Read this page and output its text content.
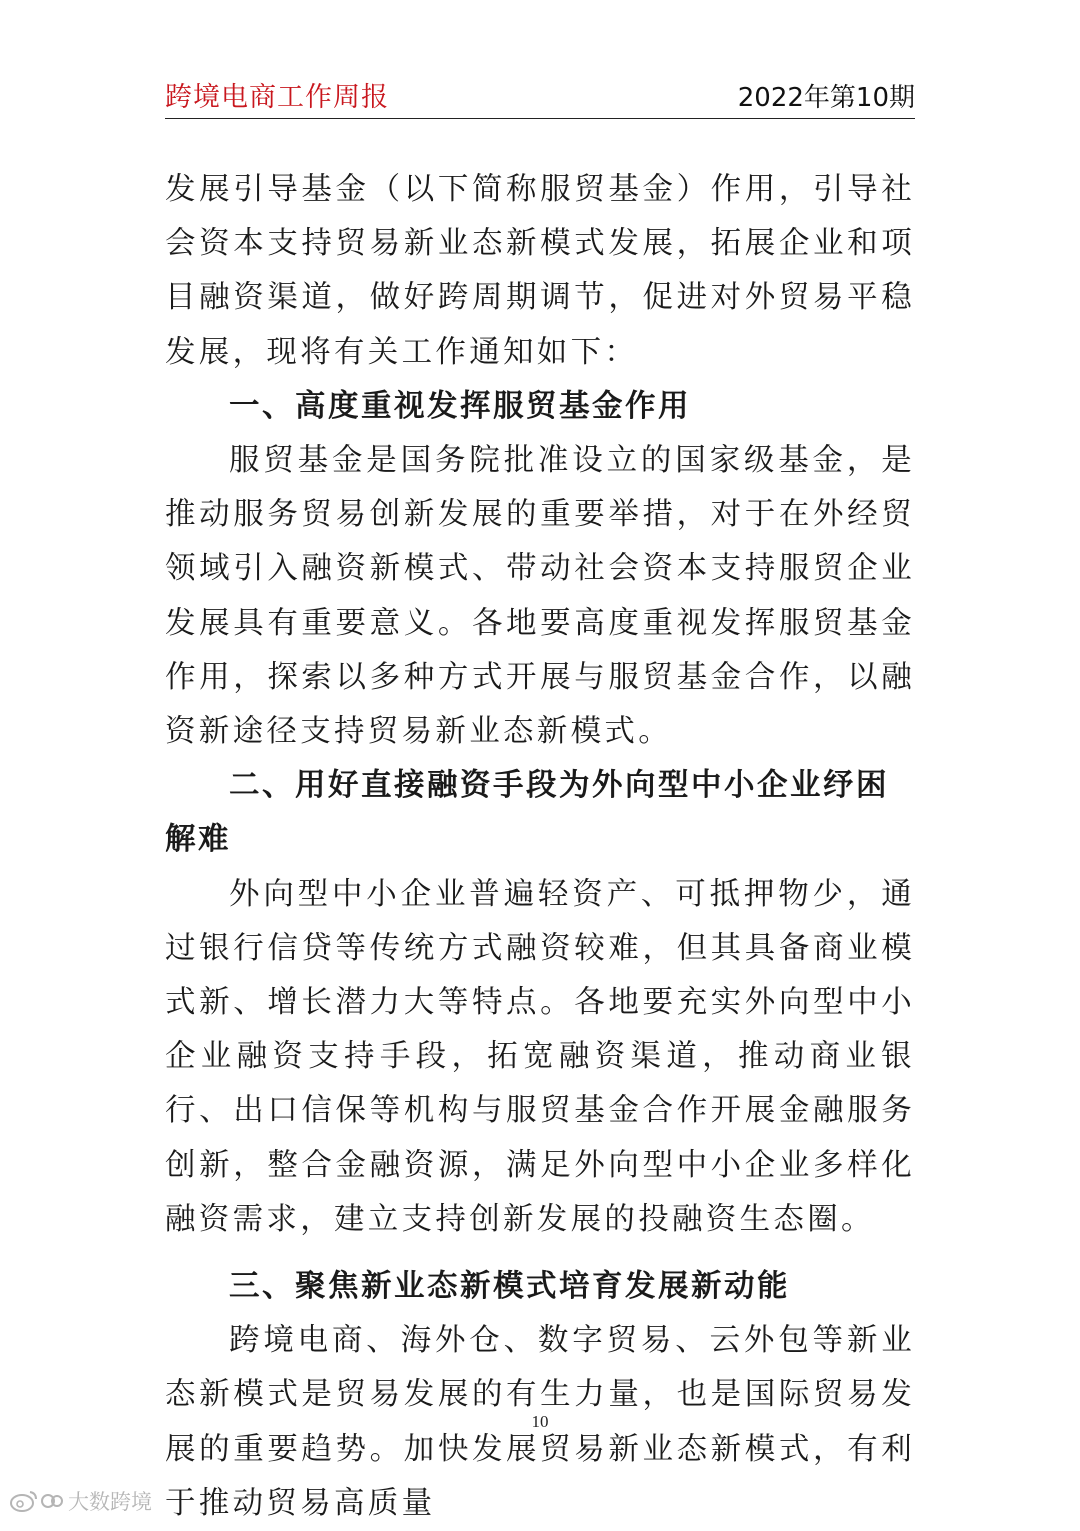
跨境电商工作周报	2022年第10期

发展引导基金（以下简称服贸基金）作用，引导社会资本支持贸易新业态新模式发展，拓展企业和项目融资渠道，做好跨周期调节，促进对外贸易平稳发展，现将有关工作通知如下：

一、高度重视发挥服贸基金作用

服贸基金是国务院批准设立的国家级基金，是推动服务贸易创新发展的重要举措，对于在外经贸领域引入融资新模式、带动社会资本支持服贸企业发展具有重要意义。各地要高度重视发挥服贸基金作用，探索以多种方式开展与服贸基金合作，以融资新途径支持贸易新业态新模式。

二、用好直接融资手段为外向型中小企业纾困解难

外向型中小企业普遍轻资产、可抵押物少，通过银行信贷等传统方式融资较难，但其具备商业模式新、增长潜力大等特点。各地要充实外向型中小企业融资支持手段，拓宽融资渠道，推动商业银行、出口信保等机构与服贸基金合作开展金融服务创新，整合金融资源，满足外向型中小企业多样化融资需求，建立支持创新发展的投融资生态圈。

三、聚焦新业态新模式培育发展新动能

跨境电商、海外仓、数字贸易、云外包等新业态新模式是贸易发展的有生力量，也是国际贸易发展的重要趋势。加快发展贸易新业态新模式，有利于推动贸易高质量

10
大数跨境
